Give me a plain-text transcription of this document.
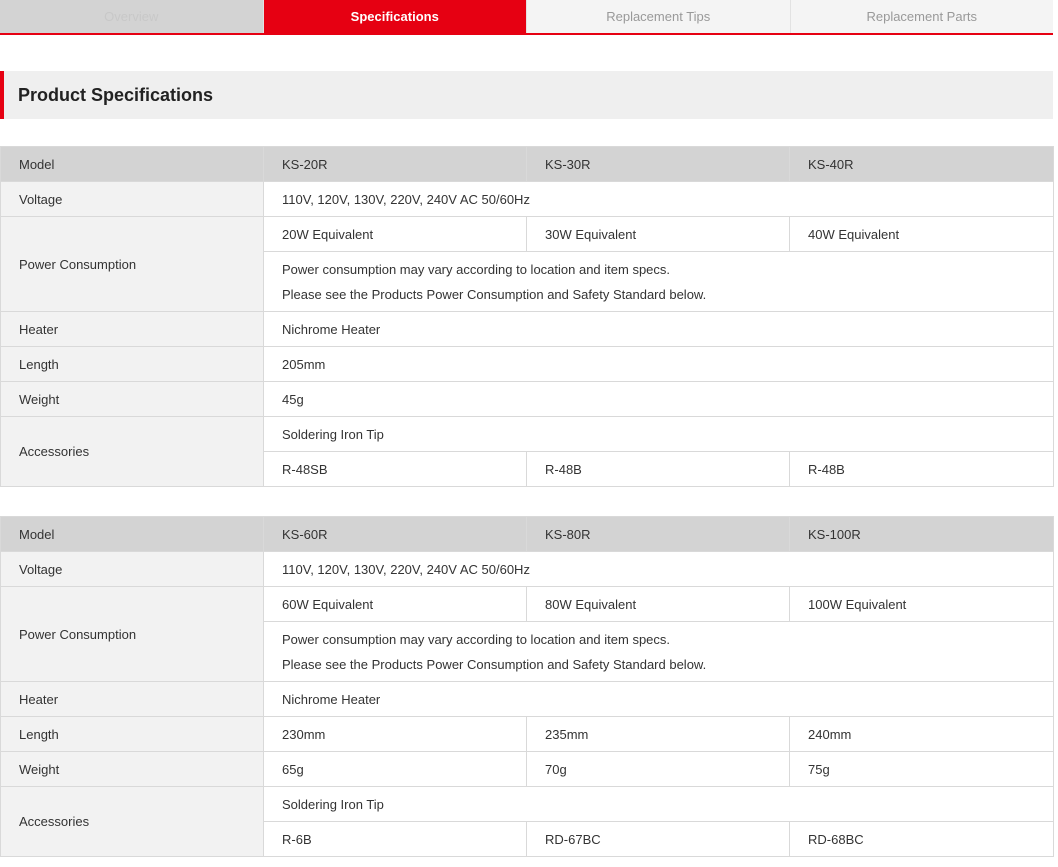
Overview	Specifications	Replacement Tips	Replacement Parts
Product Specifications
Model	KS-20R	KS-30R	KS-40R
Voltage	110V, 120V, 130V, 220V, 240V AC 50/60Hz		
Power Consumption	20W Equivalent	30W Equivalent	40W Equivalent

	Power consumption may vary according to location and item specs.
Please see the Products Power Consumption and Safety Standard below.		

Heater	Nichrome Heater		
Length	205mm		
Weight	45g		
Accessories	Soldering Iron Tip		
	R-48SB	R-48B	R-48B
Model	KS-60R	KS-80R	KS-100R
Voltage	110V, 120V, 130V, 220V, 240V AC 50/60Hz		
Power Consumption	60W Equivalent	80W Equivalent	100W Equivalent

	Power consumption may vary according to location and item specs.
Please see the Products Power Consumption and Safety Standard below.		

Heater	Nichrome Heater		
Length	230mm	235mm	240mm
Weight	65g	70g	75g
Accessories	Soldering Iron Tip		
	R-6B	RD-67BC	RD-68BC
